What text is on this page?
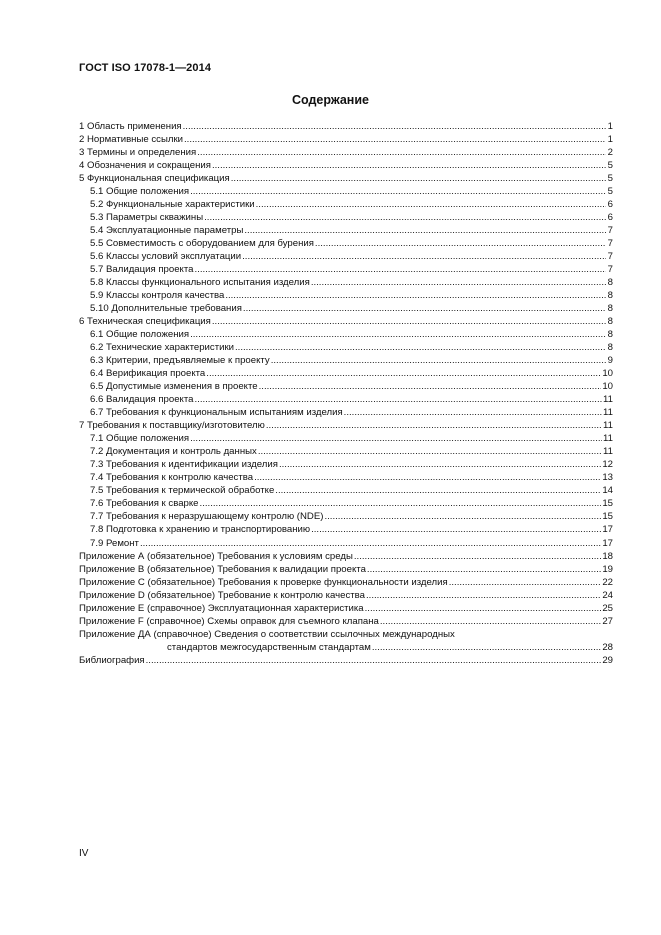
ГОСТ ISO 17078-1—2014
Содержание
1 Область применения .....	1
2 Нормативные ссылки .....	1
3 Термины и определения .....	2
4 Обозначения и сокращения .....	5
5 Функциональная спецификация .....	5
5.1 Общие положения .....	5
5.2 Функциональные характеристики .....	6
5.3 Параметры скважины .....	6
5.4 Эксплуатационные параметры .....	7
5.5 Совместимость с оборудованием для бурения .....	7
5.6 Классы условий эксплуатации .....	7
5.7 Валидация проекта .....	7
5.8 Классы функционального испытания изделия .....	8
5.9 Классы контроля качества .....	8
5.10 Дополнительные требования .....	8
6 Техническая спецификация .....	8
6.1 Общие положения .....	8
6.2 Технические характеристики .....	8
6.3 Критерии, предъявляемые к проекту .....	9
6.4 Верификация проекта .....	10
6.5 Допустимые изменения в проекте .....	10
6.6 Валидация проекта .....	11
6.7 Требования к функциональным испытаниям изделия .....	11
7 Требования к поставщику/изготовителю .....	11
7.1 Общие положения .....	11
7.2 Документация и контроль данных .....	11
7.3 Требования к идентификации изделия .....	12
7.4 Требования к контролю качества .....	13
7.5 Требования к термической обработке .....	14
7.6 Требования к сварке .....	15
7.7 Требования к неразрушающему контролю (NDE) .....	15
7.8 Подготовка к хранению и транспортированию .....	17
7.9 Ремонт .....	17
Приложение А (обязательное) Требования к условиям среды .....	18
Приложение В (обязательное) Требования к валидации проекта .....	19
Приложение С (обязательное) Требования к проверке функциональности изделия .....	22
Приложение D (обязательное) Требование к контролю качества .....	24
Приложение Е (справочное) Эксплуатационная характеристика .....	25
Приложение F (справочное) Схемы оправок для съемного клапана .....	27
Приложение ДА (справочное) Сведения о соответствии ссылочных международных
стандартов межгосударственным стандартам .....	28
Библиография .....	29
IV
